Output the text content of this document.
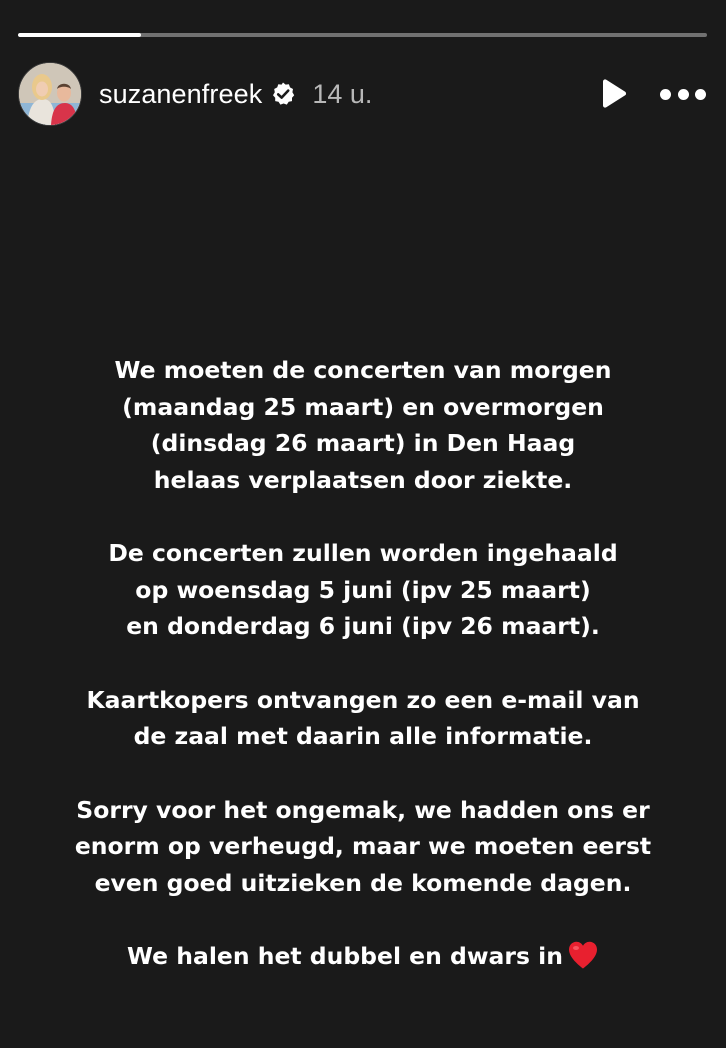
suzanenfreek 14 u.
We moeten de concerten van morgen
(maandag 25 maart) en overmorgen
(dinsdag 26 maart) in Den Haag
helaas verplaatsen door ziekte.
De concerten zullen worden ingehaald
op woensdag 5 juni (ipv 25 maart)
en donderdag 6 juni (ipv 26 maart).
Kaartkopers ontvangen zo een e-mail van
de zaal met daarin alle informatie.
Sorry voor het ongemak, we hadden ons er
enorm op verheugd, maar we moeten eerst
even goed uitzieken de komende dagen.
We halen het dubbel en dwars in
